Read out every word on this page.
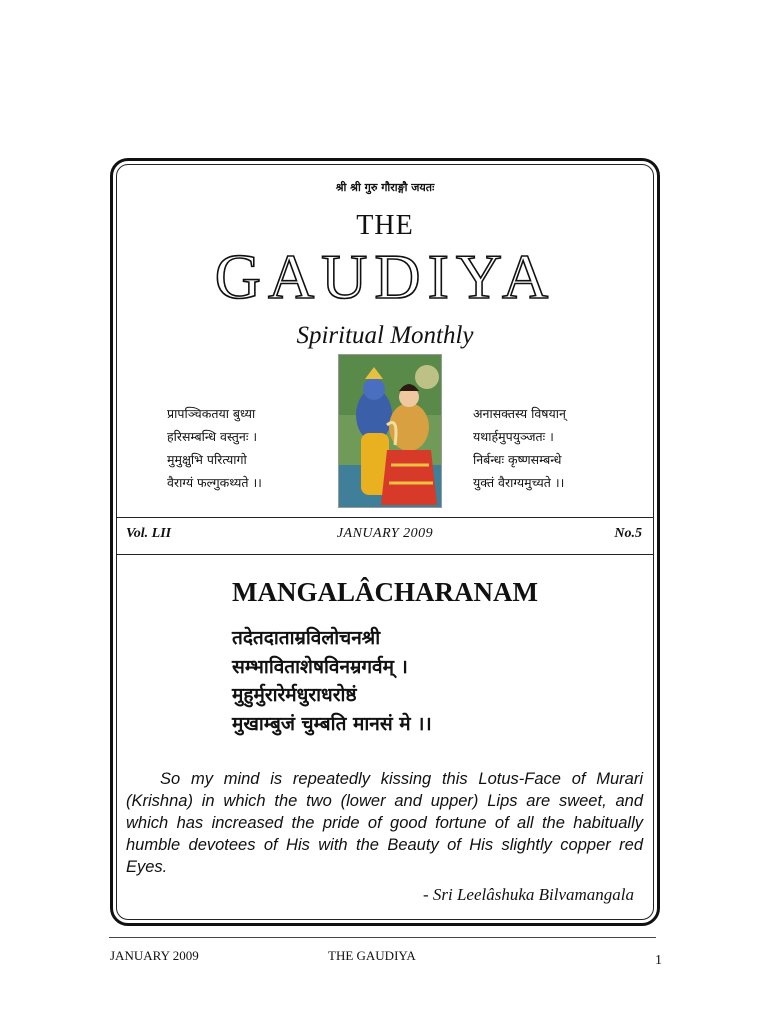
श्री श्री गुरु गौराङ्गौ जयतः
THE
GAUDIYA
Spiritual Monthly
प्रापञ्चिकतया बुध्या
हरिसम्बन्धि वस्तुनः ।
मुमुक्षुभि परित्यागो
वैराग्यं फल्गुकथ्यते ।।
अनासक्तस्य विषयान्
यथार्हमुपयुञ्जतः ।
निर्बन्धः कृष्णसम्बन्धे
युक्तं वैराग्यमुच्यते ।।
Vol. LII	JANUARY 2009	No.5
MANGALÂCHARANAM
तदेतदाताम्रविलोचनश्री
सम्भाविताशेषविनम्रगर्वम् ।
मुहुर्मुरारेर्मधुराधरोष्ठं
मुखाम्बुजं चुम्बति मानसं मे ।।
So my mind is repeatedly kissing this Lotus-Face of Murari (Krishna) in which the two (lower and upper) Lips are sweet, and which has increased the pride of good fortune of all the habitually humble devotees of His with the Beauty of His slightly copper red Eyes.
- Sri Leelâshuka Bilvamangala
JANUARY 2009	THE GAUDIYA	1
